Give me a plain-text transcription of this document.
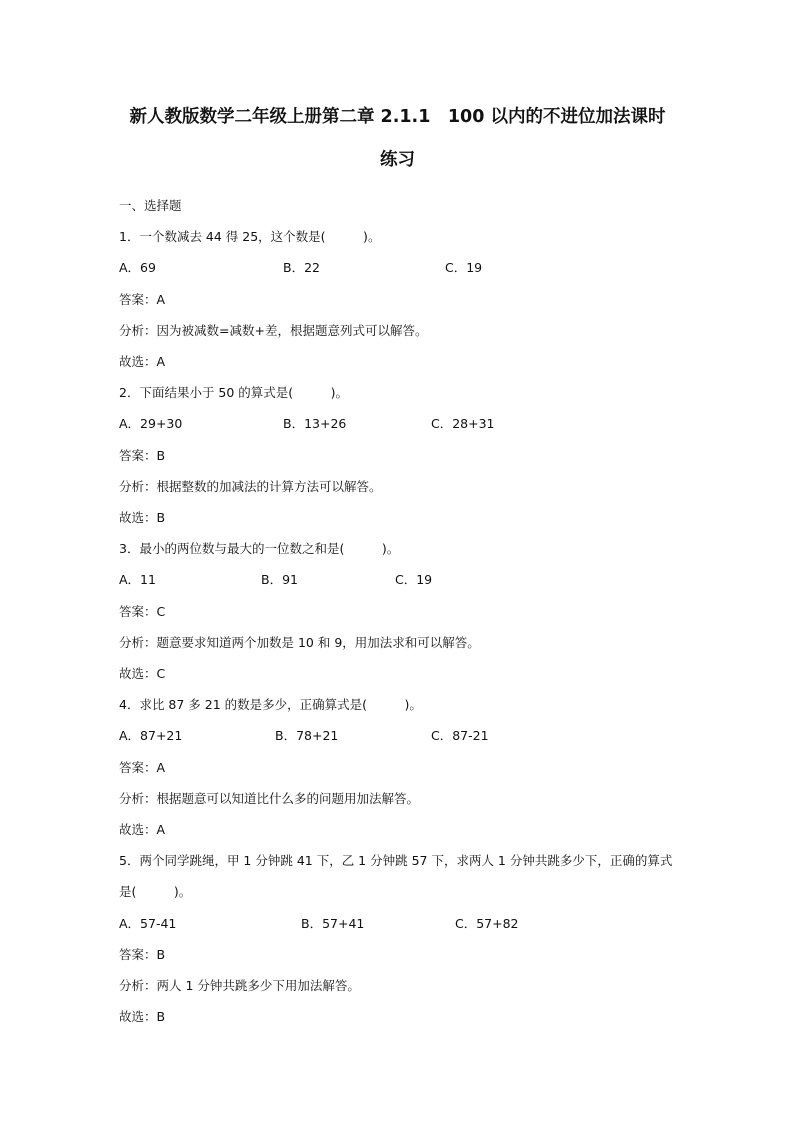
新人教版数学二年级上册第二章 2.1.1　100 以内的不进位加法课时
练习
一、选择题
1．一个数减去 44 得 25，这个数是(　　　)。
A．69	B．22	C．19
答案：A
分析：因为被减数=减数+差，根据题意列式可以解答。
故选：A
2．下面结果小于 50 的算式是(　　　)。
A．29+30	B．13+26	C．28+31
答案：B
分析：根据整数的加减法的计算方法可以解答。
故选：B
3．最小的两位数与最大的一位数之和是(　　　)。
A．11	B．91	C．19
答案：C
分析：题意要求知道两个加数是 10 和 9，用加法求和可以解答。
故选：C
4．求比 87 多 21 的数是多少，正确算式是(　　　)。
A．87+21	B．78+21	C．87-21
答案：A
分析：根据题意可以知道比什么多的问题用加法解答。
故选：A
5．两个同学跳绳，甲 1 分钟跳 41 下，乙 1 分钟跳 57 下，求两人 1 分钟共跳多少下，正确的算式是(　　　)。
A．57-41	B．57+41	C．57+82
答案：B
分析：两人 1 分钟共跳多少下用加法解答。
故选：B
